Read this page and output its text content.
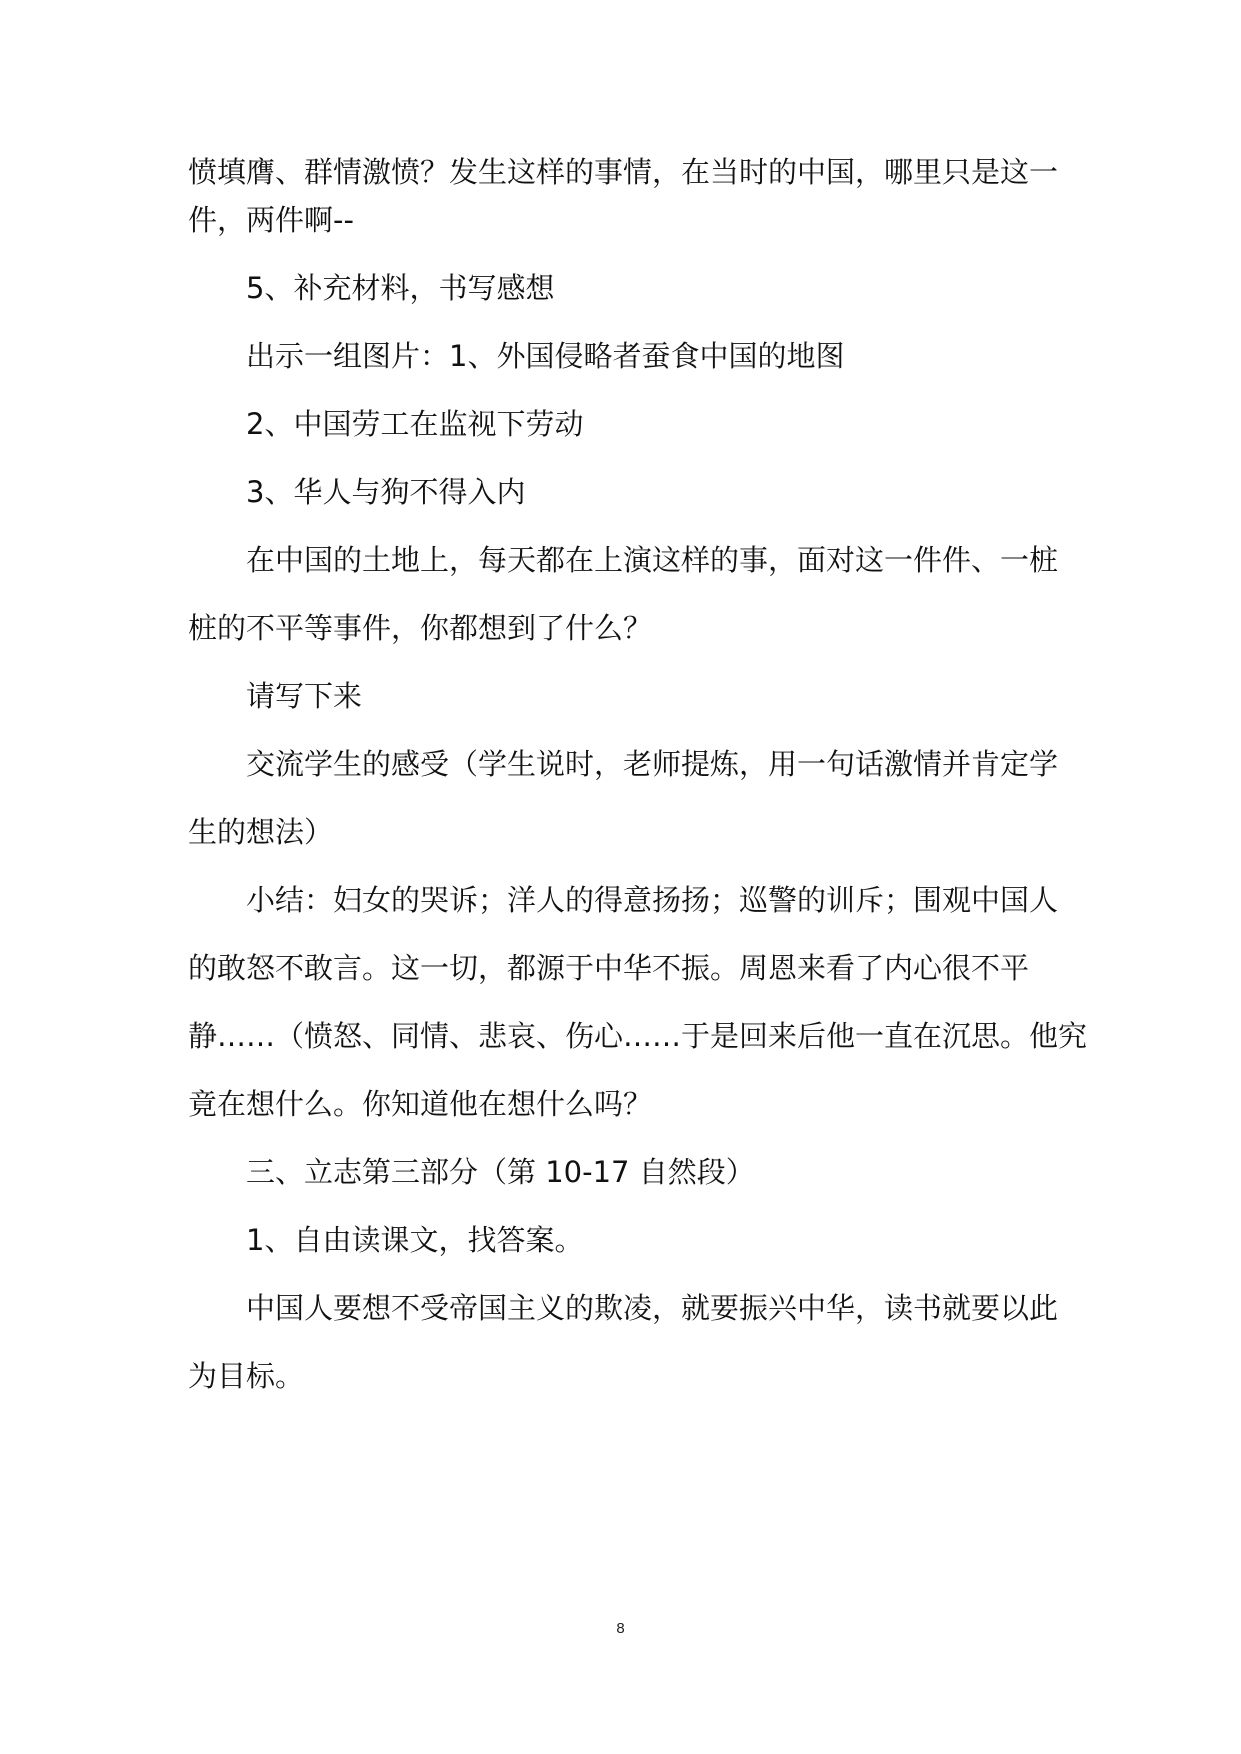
愤填膺、群情激愤？发生这样的事情，在当时的中国，哪里只是这一
件，两件啊--
5、补充材料，书写感想
出示一组图片：1、外国侵略者蚕食中国的地图
2、中国劳工在监视下劳动
3、华人与狗不得入内
在中国的土地上，每天都在上演这样的事，面对这一件件、一桩
桩的不平等事件，你都想到了什么？
请写下来
交流学生的感受（学生说时，老师提炼，用一句话激情并肯定学
生的想法）
小结：妇女的哭诉；洋人的得意扬扬；巡警的训斥；围观中国人
的敢怒不敢言。这一切，都源于中华不振。周恩来看了内心很不平
静……（愤怒、同情、悲哀、伤心……于是回来后他一直在沉思。他究
竟在想什么。你知道他在想什么吗？
三、立志第三部分（第 10-17 自然段）
1、自由读课文，找答案。
中国人要想不受帝国主义的欺凌，就要振兴中华，读书就要以此
为目标。
8
